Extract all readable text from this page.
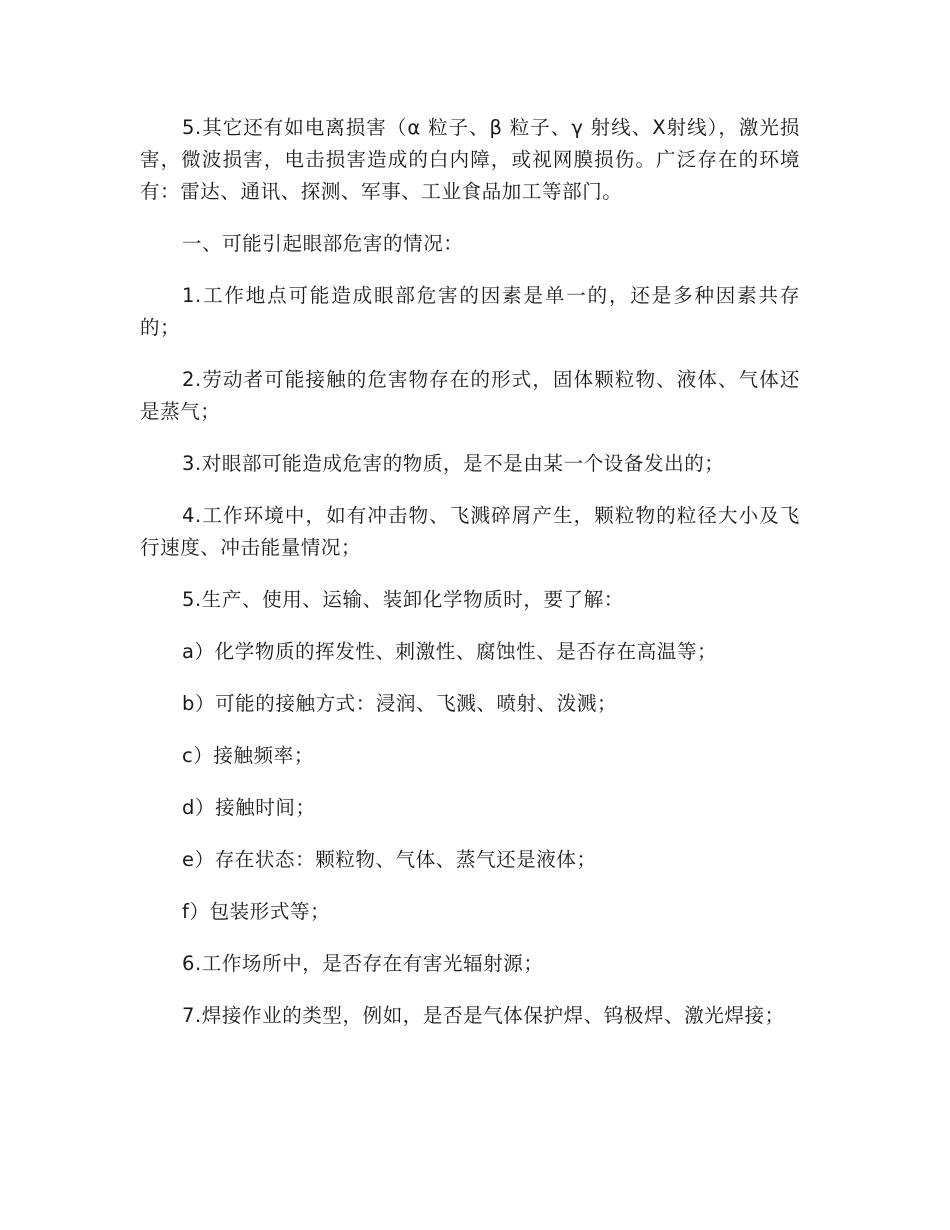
5.其它还有如电离损害（α 粒子、β 粒子、γ 射线、X射线），激光损害，微波损害，电击损害造成的白内障，或视网膜损伤。广泛存在的环境有：雷达、通讯、探测、军事、工业食品加工等部门。

一、可能引起眼部危害的情况：

1.工作地点可能造成眼部危害的因素是单一的，还是多种因素共存的；

2.劳动者可能接触的危害物存在的形式，固体颗粒物、液体、气体还是蒸气；

3.对眼部可能造成危害的物质，是不是由某一个设备发出的；

4.工作环境中，如有冲击物、飞溅碎屑产生，颗粒物的粒径大小及飞行速度、冲击能量情况；

5.生产、使用、运输、装卸化学物质时，要了解：

a）化学物质的挥发性、刺激性、腐蚀性、是否存在高温等；

b）可能的接触方式：浸润、飞溅、喷射、泼溅；

c）接触频率；

d）接触时间；

e）存在状态：颗粒物、气体、蒸气还是液体；

f）包装形式等；

6.工作场所中，是否存在有害光辐射源；

7.焊接作业的类型，例如，是否是气体保护焊、钨极焊、激光焊接；
